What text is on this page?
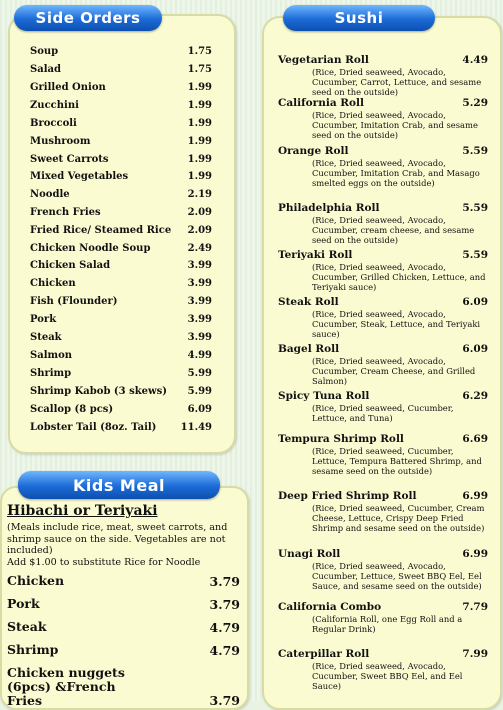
Side Orders
Soup	1.75
Salad	1.75
Grilled Onion	1.99
Zucchini	1.99
Broccoli	1.99
Mushroom	1.99
Sweet Carrots	1.99
Mixed Vegetables	1.99
Noodle	2.19
French Fries	2.09
Fried Rice/ Steamed Rice 2.09
Chicken Noodle Soup	2.49
Chicken Salad	3.99
Chicken	3.99
Fish (Flounder)	3.99
Pork	3.99
Steak	3.99
Salmon	4.99
Shrimp	5.99
Shrimp Kabob (3 skews) 5.99
Scallop (8 pcs)	6.09
Lobster Tail (8oz. Tail) 11.49
Kids Meal
Hibachi or Teriyaki
(Meals include rice, meat, sweet carrots, and shrimp sauce on the side. Vegetables are not included)
Add $1.00 to substitute Rice for Noodle
Chicken	3.79
Pork	3.79
Steak	4.79
Shrimp	4.79
Chicken nuggets (6pcs) &French Fries	3.79
Sushi
Vegetarian Roll	4.49
(Rice, Dried seaweed, Avocado, Cucumber, Carrot, Lettuce, and sesame seed on the outside)
California Roll	5.29
(Rice, Dried seaweed, Avocado, Cucumber, Imitation Crab, and sesame seed on the outside)
Orange Roll	5.59
(Rice, Dried seaweed, Avocado, Cucumber, Imitation Crab, and Masago smelted eggs on the outside)
Philadelphia Roll	5.59
(Rice, Dried seaweed, Avocado, Cucumber, cream cheese, and sesame seed on the outside)
Teriyaki Roll	5.59
(Rice, Dried seaweed, Avocado, Cucumber, Grilled Chicken, Lettuce, and Teriyaki sauce)
Steak Roll	6.09
(Rice, Dried seaweed, Avocado, Cucumber, Steak, Lettuce, and Teriyaki sauce)
Bagel Roll	6.09
(Rice, Dried seaweed, Avocado, Cucumber, Cream Cheese, and Grilled Salmon)
Spicy Tuna Roll	6.29
(Rice, Dried seaweed, Cucumber, Lettuce, and Tuna)
Tempura Shrimp Roll	6.69
(Rice, Dried seaweed, Cucumber, Lettuce, Tempura Battered Shrimp, and sesame seed on the outside)
Deep Fried Shrimp Roll	6.99
(Rice, Dried seaweed, Cucumber, Cream Cheese, Lettuce, Crispy Deep Fried Shrimp and sesame seed on the outside)
Unagi Roll	6.99
(Rice, Dried seaweed, Avocado, Cucumber, Lettuce, Sweet BBQ Eel, Eel Sauce, and sesame seed on the outside)
California Combo	7.79
(California Roll, one Egg Roll and a Regular Drink)
Caterpillar Roll	7.99
(Rice, Dried seaweed, Avocado, Cucumber, Sweet BBQ Eel, and Eel Sauce)
